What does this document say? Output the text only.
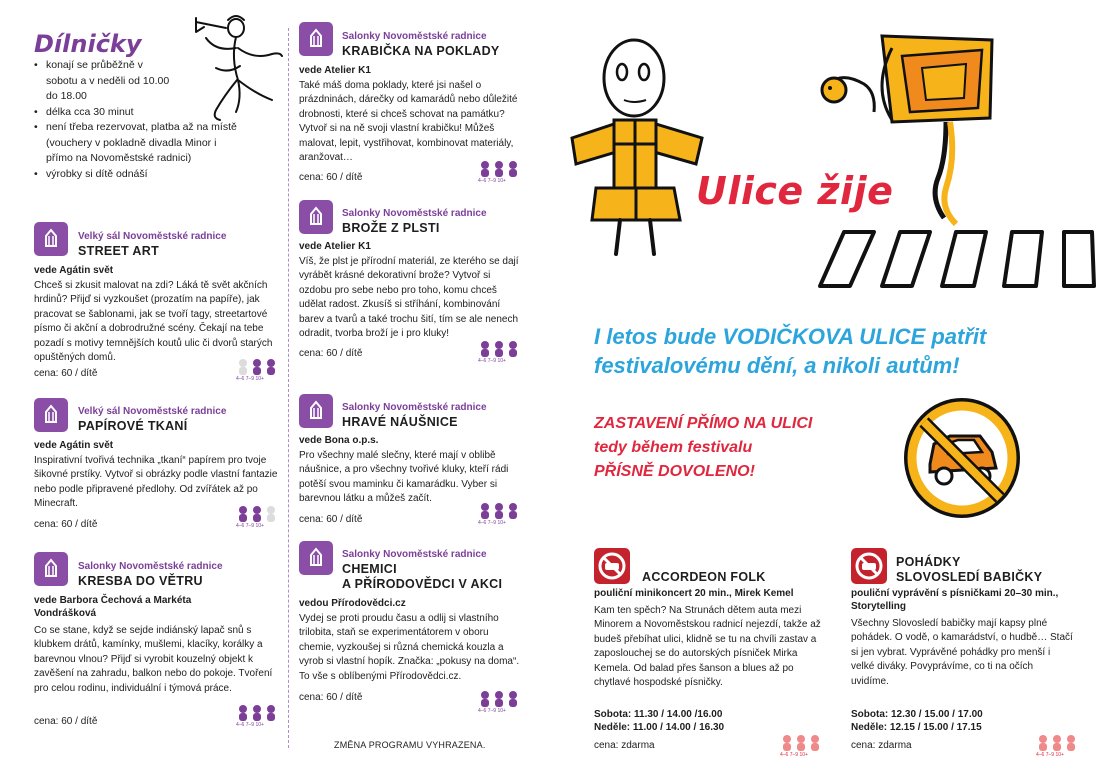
Dílničky
• konají se průběžně v sobotu a v neděli od 10.00 do 18.00
• délka cca 30 minut
• není třeba rezervovat, platba až na místě (vouchery v pokladně divadla Minor i přímo na Novoměstské radnici)
• výrobky si dítě odnáší
Velký sál Novoměstské radnice
STREET ART
vede Agátin svět
Chceš si zkusit malovat na zdi? Láká tě svět akčních hrdinů? Přijď si vyzkoušet (prozatím na papíře), jak pracovat se šablonami, jak se tvoří tagy, streetartové písmo či akční a dobrodružné scény. Čekají na tebe pozadí s motivy temnějších koutů ulic či dvorů starých opuštěných domů.
cena: 60 / dítě	4–6 7–9 10+
Velký sál Novoměstské radnice
PAPÍROVÉ TKANÍ
vede Agátin svět
Inspirativní tvořivá technika „tkaní“ papírem pro tvoje šikovné prstíky. Vytvoř si obrázky podle vlastní fantazie nebo podle připravené předlohy. Od zvířátek až po Minecraft.
cena: 60 / dítě	4–6 7–9 10+
Salonky Novoměstské radnice
KRESBA DO VĚTRU
vede Barbora Čechová a Markéta Vondrášková
Co se stane, když se sejde indiánský lapač snů s klubkem drátů, kamínky, mušlemi, klacíky, korálky a barevnou vlnou? Přijď si vyrobit kouzelný objekt k zavěšení na zahradu, balkon nebo do pokoje. Tvoření pro celou rodinu, individuální i týmová práce.
cena: 60 / dítě	4–6 7–9 10+
Salonky Novoměstské radnice
KRABIČKA NA POKLADY
vede Atelier K1
Také máš doma poklady, které jsi našel o prázdninách, dárečky od kamarádů nebo důležité drobnosti, které si chceš schovat na památku? Vytvoř si na ně svoji vlastní krabičku! Můžeš malovat, lepit, vystřihovat, kombinovat materiály, aranžovat…
cena: 60 / dítě	4–6 7–9 10+
Salonky Novoměstské radnice
BROŽE Z PLSTI
vede Atelier K1
Víš, že plst je přírodní materiál, ze kterého se dají vyrábět krásné dekorativní brože? Vytvoř si ozdobu pro sebe nebo pro toho, komu chceš udělat radost. Zkusíš si stříhání, kombinování barev a tvarů a také trochu šití, tím se ale nenech odradit, tvorba broží je i pro kluky!
cena: 60 / dítě
4–6 7–9 10+
Salonky Novoměstské radnice
HRAVÉ NÁUŠNICE
vede Bona o.p.s.
Pro všechny malé slečny, které mají v oblibě náušnice, a pro všechny tvořivé kluky, kteří rádi potěší svou maminku či kamarádku. Vyber si barevnou látku a můžeš začít.
cena: 60 / dítě	4–6 7–9 10+
Salonky Novoměstské radnice
CHEMICI
A PŘÍRODOVĚDCI V AKCI
vedou Přírodovědci.cz
Vydej se proti proudu času a odlij si vlastního trilobita, staň se experimentátorem v oboru chemie, vyzkoušej si různá chemická kouzla a vyrob si vlastní hopík. Značka: „pokusy na doma“. To vše s oblíbenými Přírodovědci.cz.
cena: 60 / dítě
4–6 7–9 10+
ZMĚNA PROGRAMU VYHRAZENA.
Ulice žije
I letos bude VODIČKOVA ULICE patřit festivalovému dění, a nikoli autům!
ZASTAVENÍ PŘÍMO NA ULICI
tedy během festivalu
PŘÍSNĚ DOVOLENO!
ACCORDEON FOLK
pouliční minikoncert 20 min., Mirek Kemel
Kam ten spěch? Na Strunách dětem auta mezi Minorem a Novoměstskou radnicí nejezdí, takže až budeš přebíhat ulici, klidně se tu na chvíli zastav a zaposlouchej se do autorských písniček Mirka Kemela. Od balad přes šanson a blues až po chytlavé hospodské písničky.
Sobota: 11.30 / 14.00 /16.00
Neděle: 11.00 / 14.00 / 16.30
cena: zdarma
4–6 7–9 10+
POHÁDKY
SLOVOSLEDÍ BABIČKY
pouliční vyprávění s písničkami 20–30 min., Storytelling
Všechny Slovosledí babičky mají kapsy plné pohádek. O vodě, o kamarádství, o hudbě… Stačí si jen vybrat. Vyprávěné pohádky pro menší i velké diváky. Povyprávíme, co ti na očích uvidíme.
Sobota: 12.30 / 15.00 / 17.00
Neděle: 12.15 / 15.00 / 17.15
cena: zdarma
4–6 7–9 10+
